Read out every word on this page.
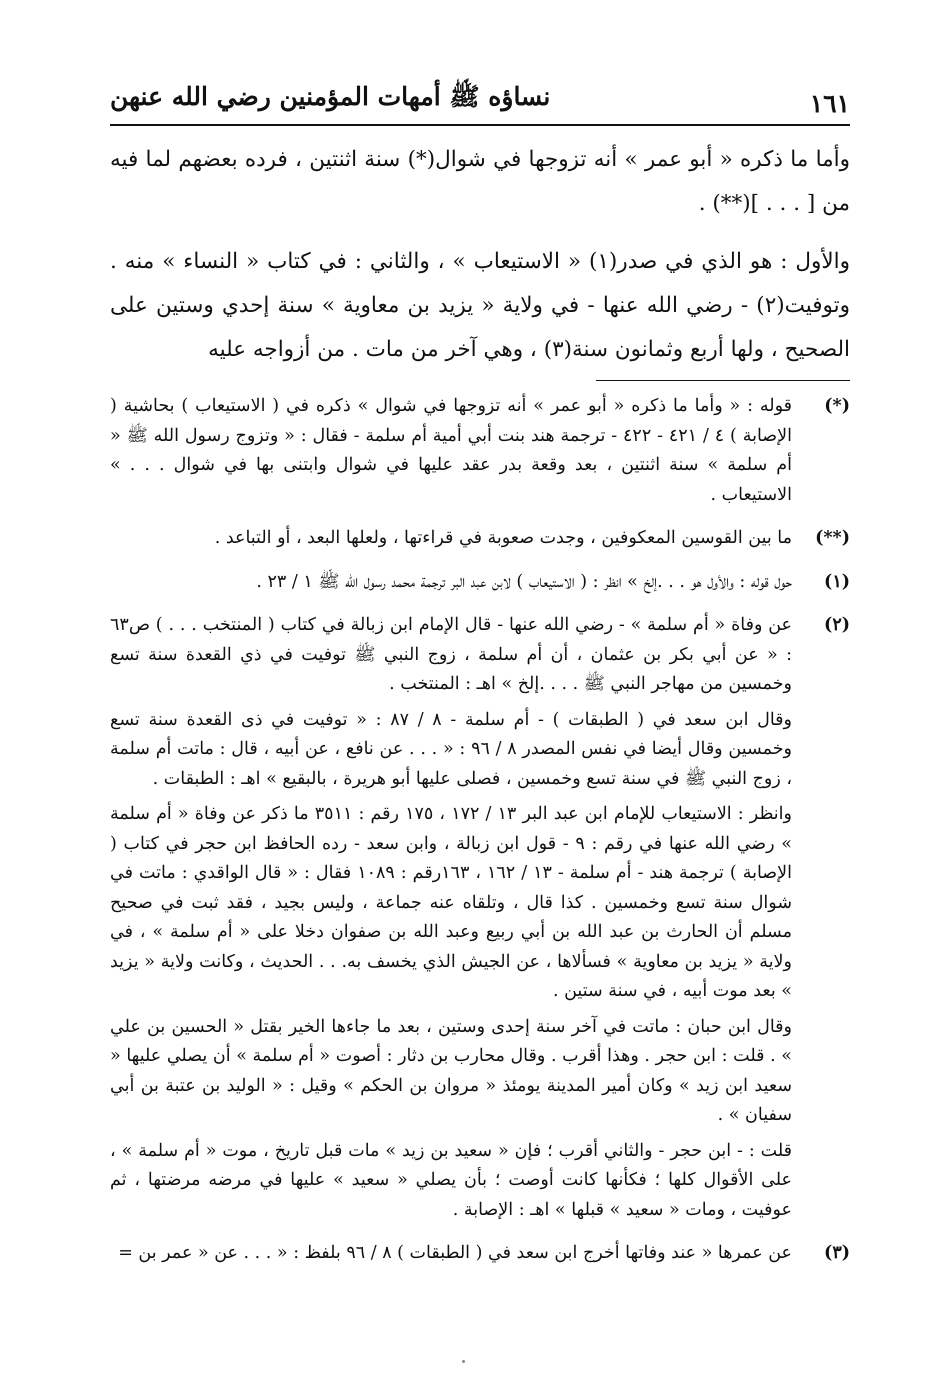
نساؤه ﷺ أمهات المؤمنين رضي الله عنهن	١٦١

وأما ما ذكره « أبو عمر » أنه تزوجها في شوال(*) سنة اثنتين ، فرده بعضهم لما فيه من [ . . . ](**) .

والأول : هو الذي في صدر(١) « الاستيعاب » ، والثاني : في كتاب « النساء » منه . وتوفيت(٢) - رضي الله عنها - في ولاية « يزيد بن معاوية » سنة إحدي وستين على الصحيح ، ولها أربع وثمانون سنة(٣) ، وهي آخر من مات . من أزواجه عليه

(*)

قوله : « وأما ما ذكره « أبو عمر » أنه تزوجها في شوال » ذكره في ( الاستيعاب ) بحاشية ( الإصابة ) ٤ / ٤٢١ - ٤٢٢ - ترجمة هند بنت أبي أمية أم سلمة - فقال : « وتزوج رسول الله ﷺ « أم سلمة » سنة اثنتين ، بعد وقعة بدر عقد عليها في شوال وابتنى بها في شوال . . . » الاستيعاب .

(**)

ما بين القوسين المعكوفين ، وجدت صعوبة في قراءتها ، ولعلها البعد ، أو التباعد .

(١)

حول قوله : والأول هو . . .إلخ » انظر : ( الاستيعاب ) لابن عبد البر ترجمة محمد رسول الله ﷺ ١ / ٢٣ .

(٢)

عن وفاة « أم سلمة » - رضي الله عنها - قال الإمام ابن زبالة في كتاب ( المنتخب . . . ) ص٦٣ : « عن أبي بكر بن عثمان ، أن أم سلمة ، زوج النبي ﷺ توفيت في ذي القعدة سنة تسع وخمسين من مهاجر النبي ﷺ . . . .إلخ » اهـ : المنتخب .

وقال ابن سعد في ( الطبقات ) - أم سلمة - ٨ / ٨٧ : « توفيت في ذى القعدة سنة تسع وخمسين وقال أيضا في نفس المصدر ٨ / ٩٦ : « . . . عن نافع ، عن أبيه ، قال : ماتت أم سلمة ، زوج النبي ﷺ في سنة تسع وخمسين ، فصلى عليها أبو هريرة ، بالبقيع » اهـ : الطبقات .

وانظر : الاستيعاب للإمام ابن عبد البر ١٣ / ١٧٢ ، ١٧٥ رقم : ٣٥١١ ما ذكر عن وفاة « أم سلمة » رضي الله عنها في رقم : ٩ - قول ابن زبالة ، وابن سعد - رده الحافظ ابن حجر في كتاب ( الإصابة ) ترجمة هند - أم سلمة - ١٣ / ١٦٢ ، ١٦٣رقم : ١٠٨٩ فقال : « قال الواقدي : ماتت في شوال سنة تسع وخمسين . كذا قال ، وتلقاه عنه جماعة ، وليس بجيد ، فقد ثبت في صحيح مسلم أن الحارث بن عبد الله بن أبي ربيع وعبد الله بن صفوان دخلا على « أم سلمة » ، في ولاية « يزيد بن معاوية » فسألاها ، عن الجيش الذي يخسف به. . . الحديث ، وكانت ولاية « يزيد » بعد موت أبيه ، في سنة ستين .

وقال ابن حبان : ماتت في آخر سنة إحدى وستين ، بعد ما جاءها الخير بقتل « الحسين بن علي » . قلت : ابن حجر . وهذا أقرب . وقال محارب بن دثار : أصوت « أم سلمة » أن يصلي عليها « سعيد ابن زيد » وكان أمير المدينة يومئذ « مروان بن الحكم » وقيل : « الوليد بن عتبة بن أبي سفيان » .

قلت : - ابن حجر - والثاني أقرب ؛ فإن « سعيد بن زيد » مات قبل تاريخ ، موت « أم سلمة » ، على الأقوال كلها ؛ فكأنها كانت أوصت ؛ بأن يصلي « سعيد » عليها في مرضه مرضتها ، ثم عوفيت ، ومات « سعيد » قبلها » اهـ : الإصابة .

(٣)

عن عمرها « عند وفاتها أخرج ابن سعد في ( الطبقات ) ٨ / ٩٦ بلفظ : « . . . عن « عمر بن =
